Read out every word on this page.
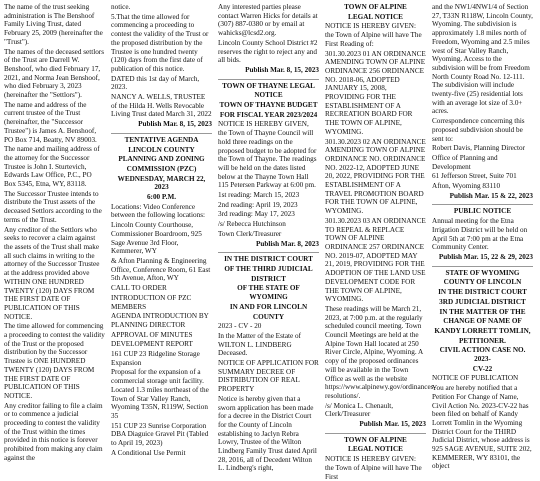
The name of the trust seeking administration is The Benshoof Family Living Trust, dated February 25, 2009 (hereinafter the "Trust").

The names of the deceased settlors of the Trust are Darrell W. Benshoof, who died February 17, 2021, and Norma Jean Benshoof, who died February 3, 2023 (hereinafter the "Settlors").

The name and address of the current trustee of the Trust (hereinafter, the "Successor Trustee") is James A. Benshoof, PO Box 714, Beatty, NV 89003.

The name and mailing address of the attorney for the Successor Trustee is John I. Sturtevich, Edwards Law Office, P.C., PO Box 5345, Etna, WY, 83118.

The Successor Trustee intends to distribute the Trust assets of the deceased Settlors according to the terms of the Trust.

Any creditor of the Settlors who seeks to recover a claim against the assets of the Trust shall make all such claims in writing to the attorney of the Successor Trustee at the address provided above WITHIN ONE HUNDRED TWENTY (120) DAYS FROM THE FIRST DATE OF PUBLICATION OF THIS NOTICE.

The time allowed for commencing a proceeding to contest the validity of the Trust or the proposed distribution by the Successor Trustee is ONE HUNDRED TWENTY (120) DAYS FROM THE FIRST DATE OF PUBLICATION OF THIS NOTICE.

Any creditor failing to file a claim or to commence a judicial proceeding to contest the validity of the Trust within the times provided in this notice is forever prohibited from making any claim against the

notice.

5.That the time allowed for commencing a proceeding to contest the validity of the Trust or the proposed distribution by the Trustee is one hundred twenty (120) days from the first date of publication of this notice.

DATED this 1st day of March, 2023.

NANCY A. WELLS, TRUSTEE of the Hilda H. Wells Revocable Living Trust dated March 31, 2022

Publish Mar. 8, 15, 2023

TENTATIVE AGENDA

LINCOLN COUNTY

PLANNING AND ZONING

COMMISSION (PZC)

WEDNESDAY, MARCH 22, 2023

6:00 P.M.

Locations: Video Conference between the following locations:

Lincoln County Courthouse, Commissioner Boardroom, 925 Sage Avenue 3rd Floor, Kemmerer, WY

& Afton Planning & Engineering Office, Conference Room, 61 East 5th Avenue, Afton, WY

CALL TO ORDER

INTRODUCTION OF PZC MEMBERS

AGENDA INTRODUCTION BY PLANNING DIRECTOR

APPROVAL OF MINUTES

DEVELOPMENT REPORT

161 CUP 23 Ridgeline Storage Expansion

Proposal for the expansion of a commercial storage unit facility. Located 1.3 miles northeast of the Town of Star Valley Ranch, Wyoming T35N, R119W, Section 35

151 CUP 23 Sunrise Corporation DBA Diaguice Gravel Pit (Tabled to April 19, 2023)

A Conditional Use Permit

Any interested parties please contact Warren Hicks for details at (307) 887-0380 or by email at wahicks@lcsd2.org.

Lincoln County School District #2 reserves the right to reject any and all bids.

Publish Mar. 8, 15, 2023

TOWN OF THAYNE LEGAL

NOTICE

TOWN OF THAYNE BUDGET

FOR FISCAL YEAR 2023/2024

NOTICE IS HEREBY GIVEN, the Town of Thayne Council will hold three readings on the proposed budget to be adopted for the Town of Thayne. The readings will be held on the dates listed below at the Thayne Town Hall 115 Petersen Parkway at 6:00 pm.

1st reading: March 15, 2023

2nd reading: April 19, 2023

3rd reading: May 17, 2023

/s/ Rebecca Hutchinson

Town Clerk/Treasurer

Publish Mar. 8, 2023

IN THE DISTRICT COURT

OF THE THIRD JUDICIAL

DISTRICT

OF THE STATE OF WYOMING

IN AND FOR LINCOLN

COUNTY

2023 - CV - 20

In the Matter of the Estate of WILTON L. LINDBERG Deceased.

NOTICE OF APPLICATION FOR SUMMARY DECREE OF DISTRIBUTION OF REAL PROPERTY

Notice is hereby given that a sworn application has been made for a decree in the District Court for the County of Lincoln establishing to Jaclyn Rebra Lowry, Trustee of the Wilton Lindberg Family Trust dated April 28, 2016, all of Decedent Wilton L. Lindberg's right,

TOWN OF ALPINE

LEGAL NOTICE

NOTICE IS HEREBY GIVEN: the Town of Alpine will have The First Reading of:

301.30.2023 01 AN ORDINANCE AMENDING TOWN OF ALPINE ORDINANCE 256 ORDINANCE NO. 2018-06, ADOPTED JANUARY 15, 2008, PROVIDING FOR THE ESTABLISHMENT OF A RECREATION BOARD FOR THE TOWN OF ALPINE, WYOMING.

301.30.2023 02 AN ORDINANCE AMENDING TOWN OF ALPINE ORDINANCE NO. ORDINANCE NO. 2022-12, ADOPTED JUNE 20, 2022, PROVIDING FOR THE ESTABLISHMENT OF A TRAVEL PROMOTION BOARD FOR THE TOWN OF ALPINE, WYOMING.

301.30.2023 03 AN ORDINANCE TO REPEAL & REPLACE TOWN OF ALPINE ORDINANCE 257 ORDINANCE NO. 2019-07, ADOPTED MAY 21, 2019, PROVIDING FOR THE ADOPTION OF THE LAND USE DEVELOPMENT CODE FOR THE TOWN OF ALPINE, WYOMING.

These readings will be March 21, 2023, at 7:00 p.m. at the regularly scheduled council meeting. Town Council Meetings are held at the Alpine Town Hall located at 250 River Circle, Alpine, Wyoming. A copy of the proposed ordinances will be available in the Town Office as well as the website https://www.alpinewy.gov/ordinances-resolutions/.

/s/ Monica L. Chenault, Clerk/Treasurer

Publish Mar. 15, 2023

TOWN OF ALPINE

LEGAL NOTICE

NOTICE IS HEREBY GIVEN: the Town of Alpine will have The First

and the NW1/4NW1/4 of Section 27, T33N R118W, Lincoln County, Wyoming. The subdivision is approximately 1.8 miles north of Freedom, Wyoming and 2.5 miles west of Star Valley Ranch, Wyoming. Access to the subdivision will be from Freedom North County Road No. 12-111. The subdivision will include twenty-five (25) residential lots with an average lot size of 3.0+ acres.

Correspondence concerning this proposed subdivision should be sent to:

Robert Davis, Planning Director

Office of Planning and Development

61 Jefferson Street, Suite 701

Afton, Wyoming 83110

Publish Mar. 15 & 22, 2023

PUBLIC NOTICE

Annual meeting for the Etna Irrigation District will be held on April 5th at 7:00 pm at the Etna Community Center.

Publish Mar. 15, 22 & 29, 2023

STATE OF WYOMING

COUNTY OF LINCOLN

IN THE DISTRICT COURT

3RD JUDICIAL DISTRICT

IN THE MATTER OF THE

CHANGE OF NAME OF

KANDY LORRETT TOMLIN,

PETITIONER.

CIVIL ACTION CASE NO. 2023-

CV-22

NOTICE OF PUBLICATION

You are hereby notified that a Petition For Change of Name, Civil Action No. 2023-CV-22 has been filed on behalf of Kandy Lorrett Tomlin in the Wyoming District Court for the THIRD Judicial District, whose address is 925 SAGE AVENUE, SUITE 202, KEMMERER, WY 83101, the object
